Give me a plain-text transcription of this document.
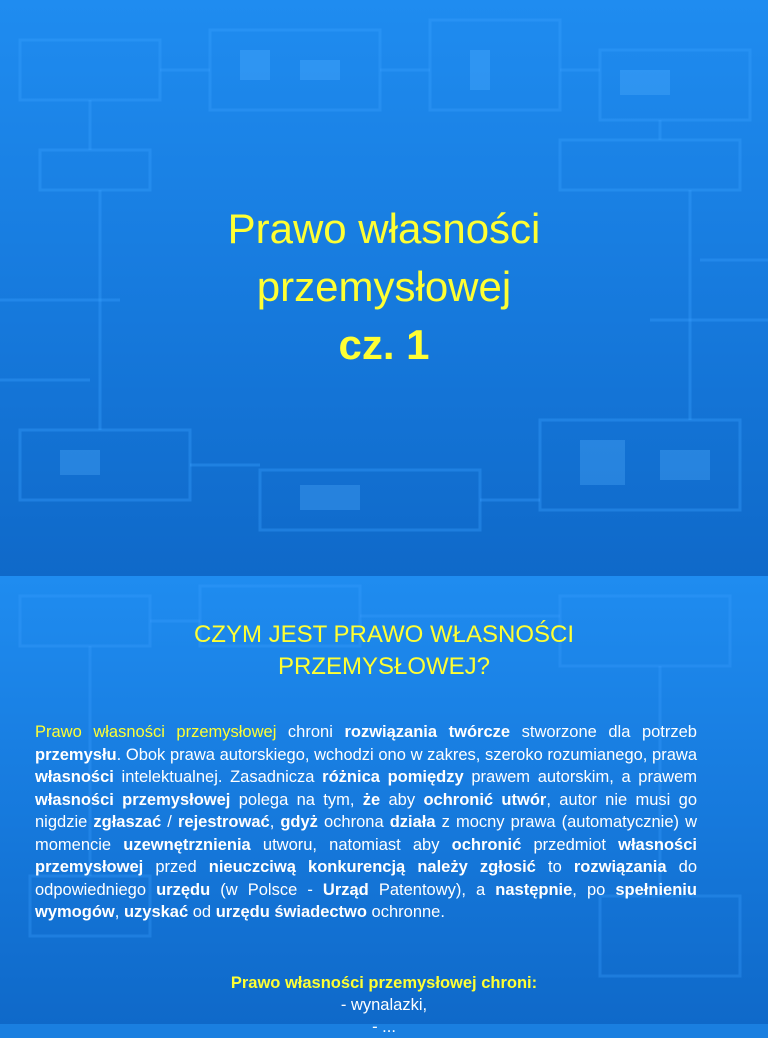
Prawo własności
przemysłowej
cz. 1
CZYM JEST PRAWO WŁASNOŚCI
PRZEMYSŁOWEJ?
Prawo własności przemysłowej chroni rozwiązania twórcze stworzone dla potrzeb przemysłu. Obok prawa autorskiego, wchodzi ono w zakres, szeroko rozumianego, prawa własności intelektualnej. Zasadnicza różnica pomiędzy prawem autorskim, a prawem własności przemysłowej polega na tym, że aby ochronić utwór, autor nie musi go nigdzie zgłaszać / rejestrować, gdyż ochrona działa z mocny prawa (automatycznie) w momencie uzewnętrznienia utworu, natomiast aby ochronić przedmiot własności przemysłowej przed nieuczciwą konkurencją należy zgłosić to rozwiązania do odpowiedniego urzędu (w Polsce - Urząd Patentowy), a następnie, po spełnieniu wymogów, uzyskać od urzędu świadectwo ochronne.
Prawo własności przemysłowej chroni:
- wynalazki,
- ...
